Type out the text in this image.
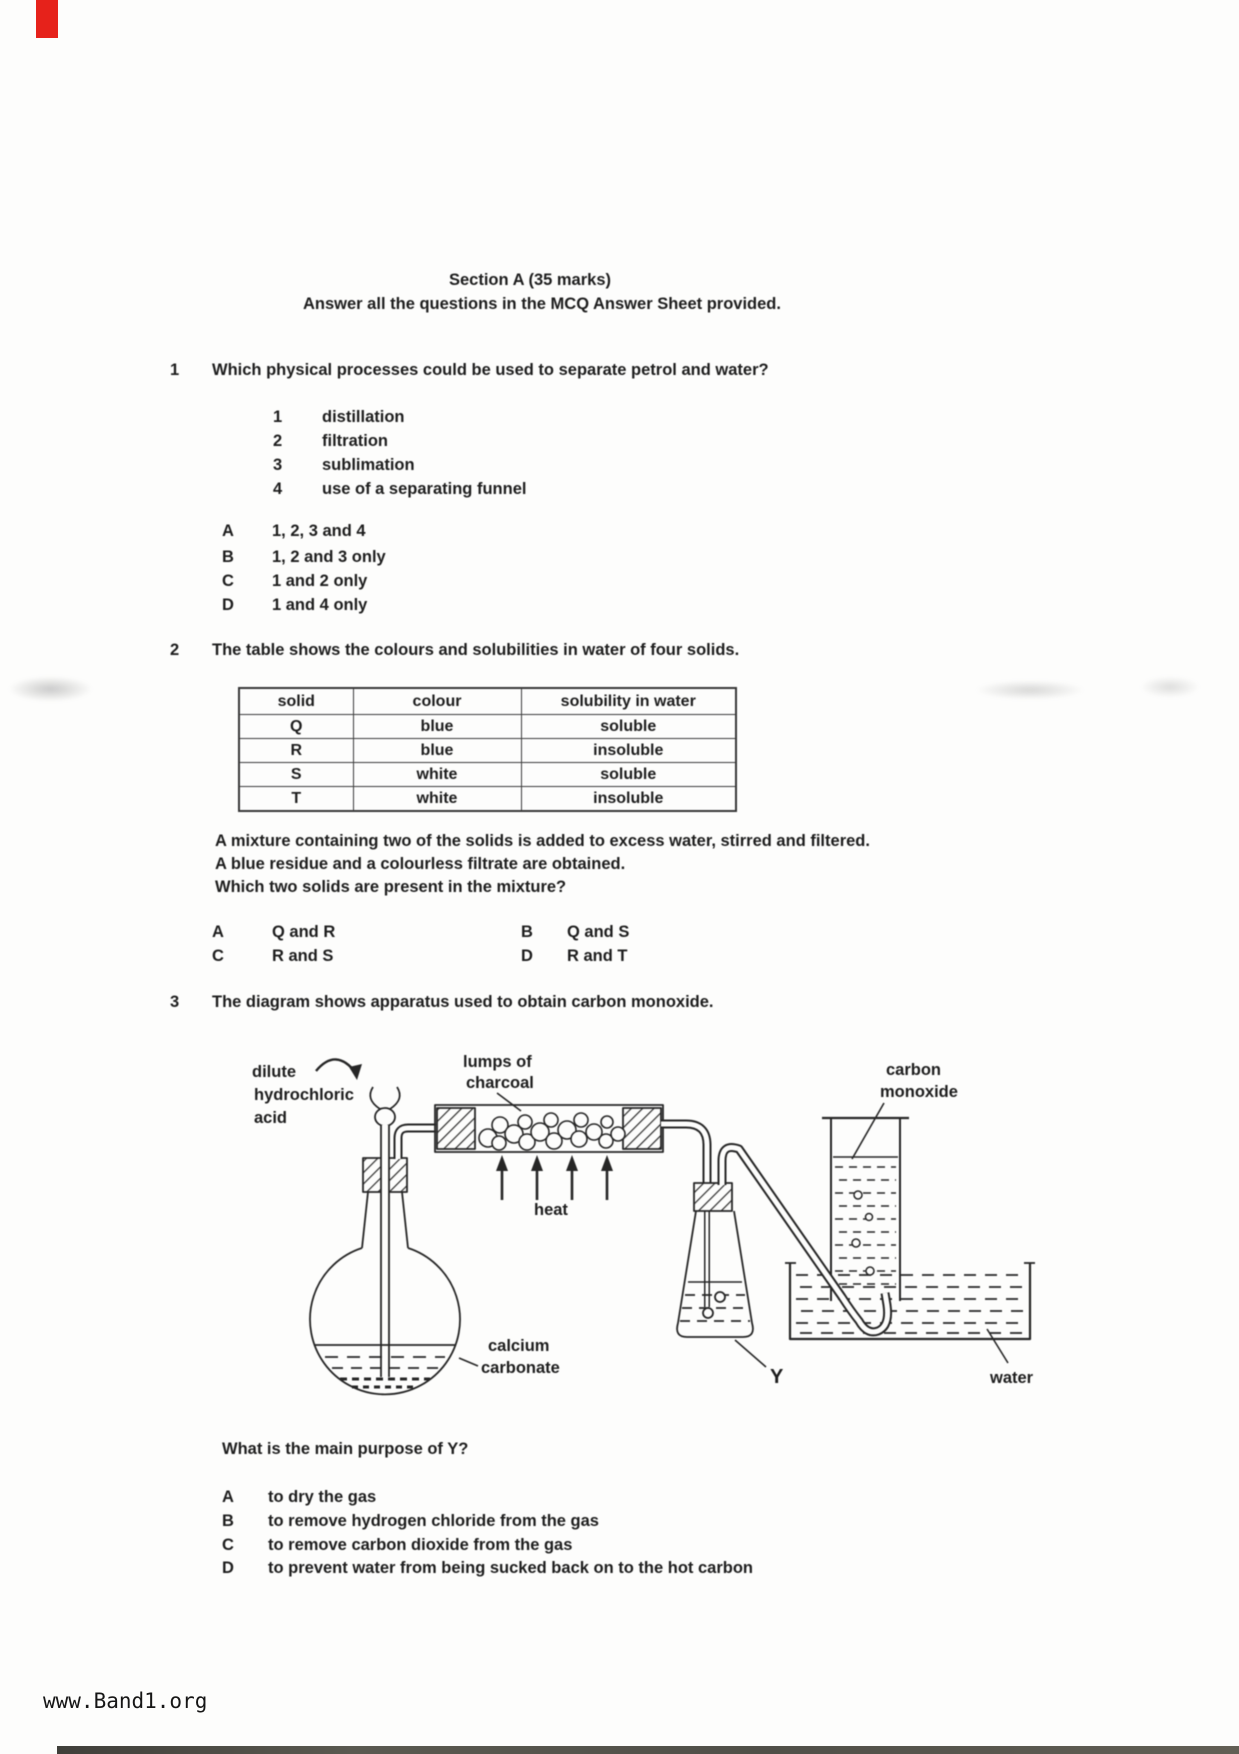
Section A (35 marks)
Answer all the questions in the MCQ Answer Sheet provided.
1 Which physical processes could be used to separate petrol and water?
1 distillation
2 filtration
3 sublimation
4 use of a separating funnel
A 1, 2, 3 and 4
B 1, 2 and 3 only
C 1 and 2 only
D 1 and 4 only
2 The table shows the colours and solubilities in water of four solids.
solid	colour	solubility in water
Q	blue	soluble
R	blue	insoluble
S	white	soluble
T	white	insoluble
A mixture containing two of the solids is added to excess water, stirred and filtered.
A blue residue and a colourless filtrate are obtained.
Which two solids are present in the mixture?
A	Q and R	B Q and S
C	R and S	D R and T
3 The diagram shows apparatus used to obtain carbon monoxide.
dilute
hydrochloric
acid
lumps of
charcoal
heat
carbon
monoxide
calcium
carbonate	Y	water
What is the main purpose of Y?
A to dry the gas
B to remove hydrogen chloride from the gas
C to remove carbon dioxide from the gas
D to prevent water from being sucked back on to the hot carbon
www.Band1.org
